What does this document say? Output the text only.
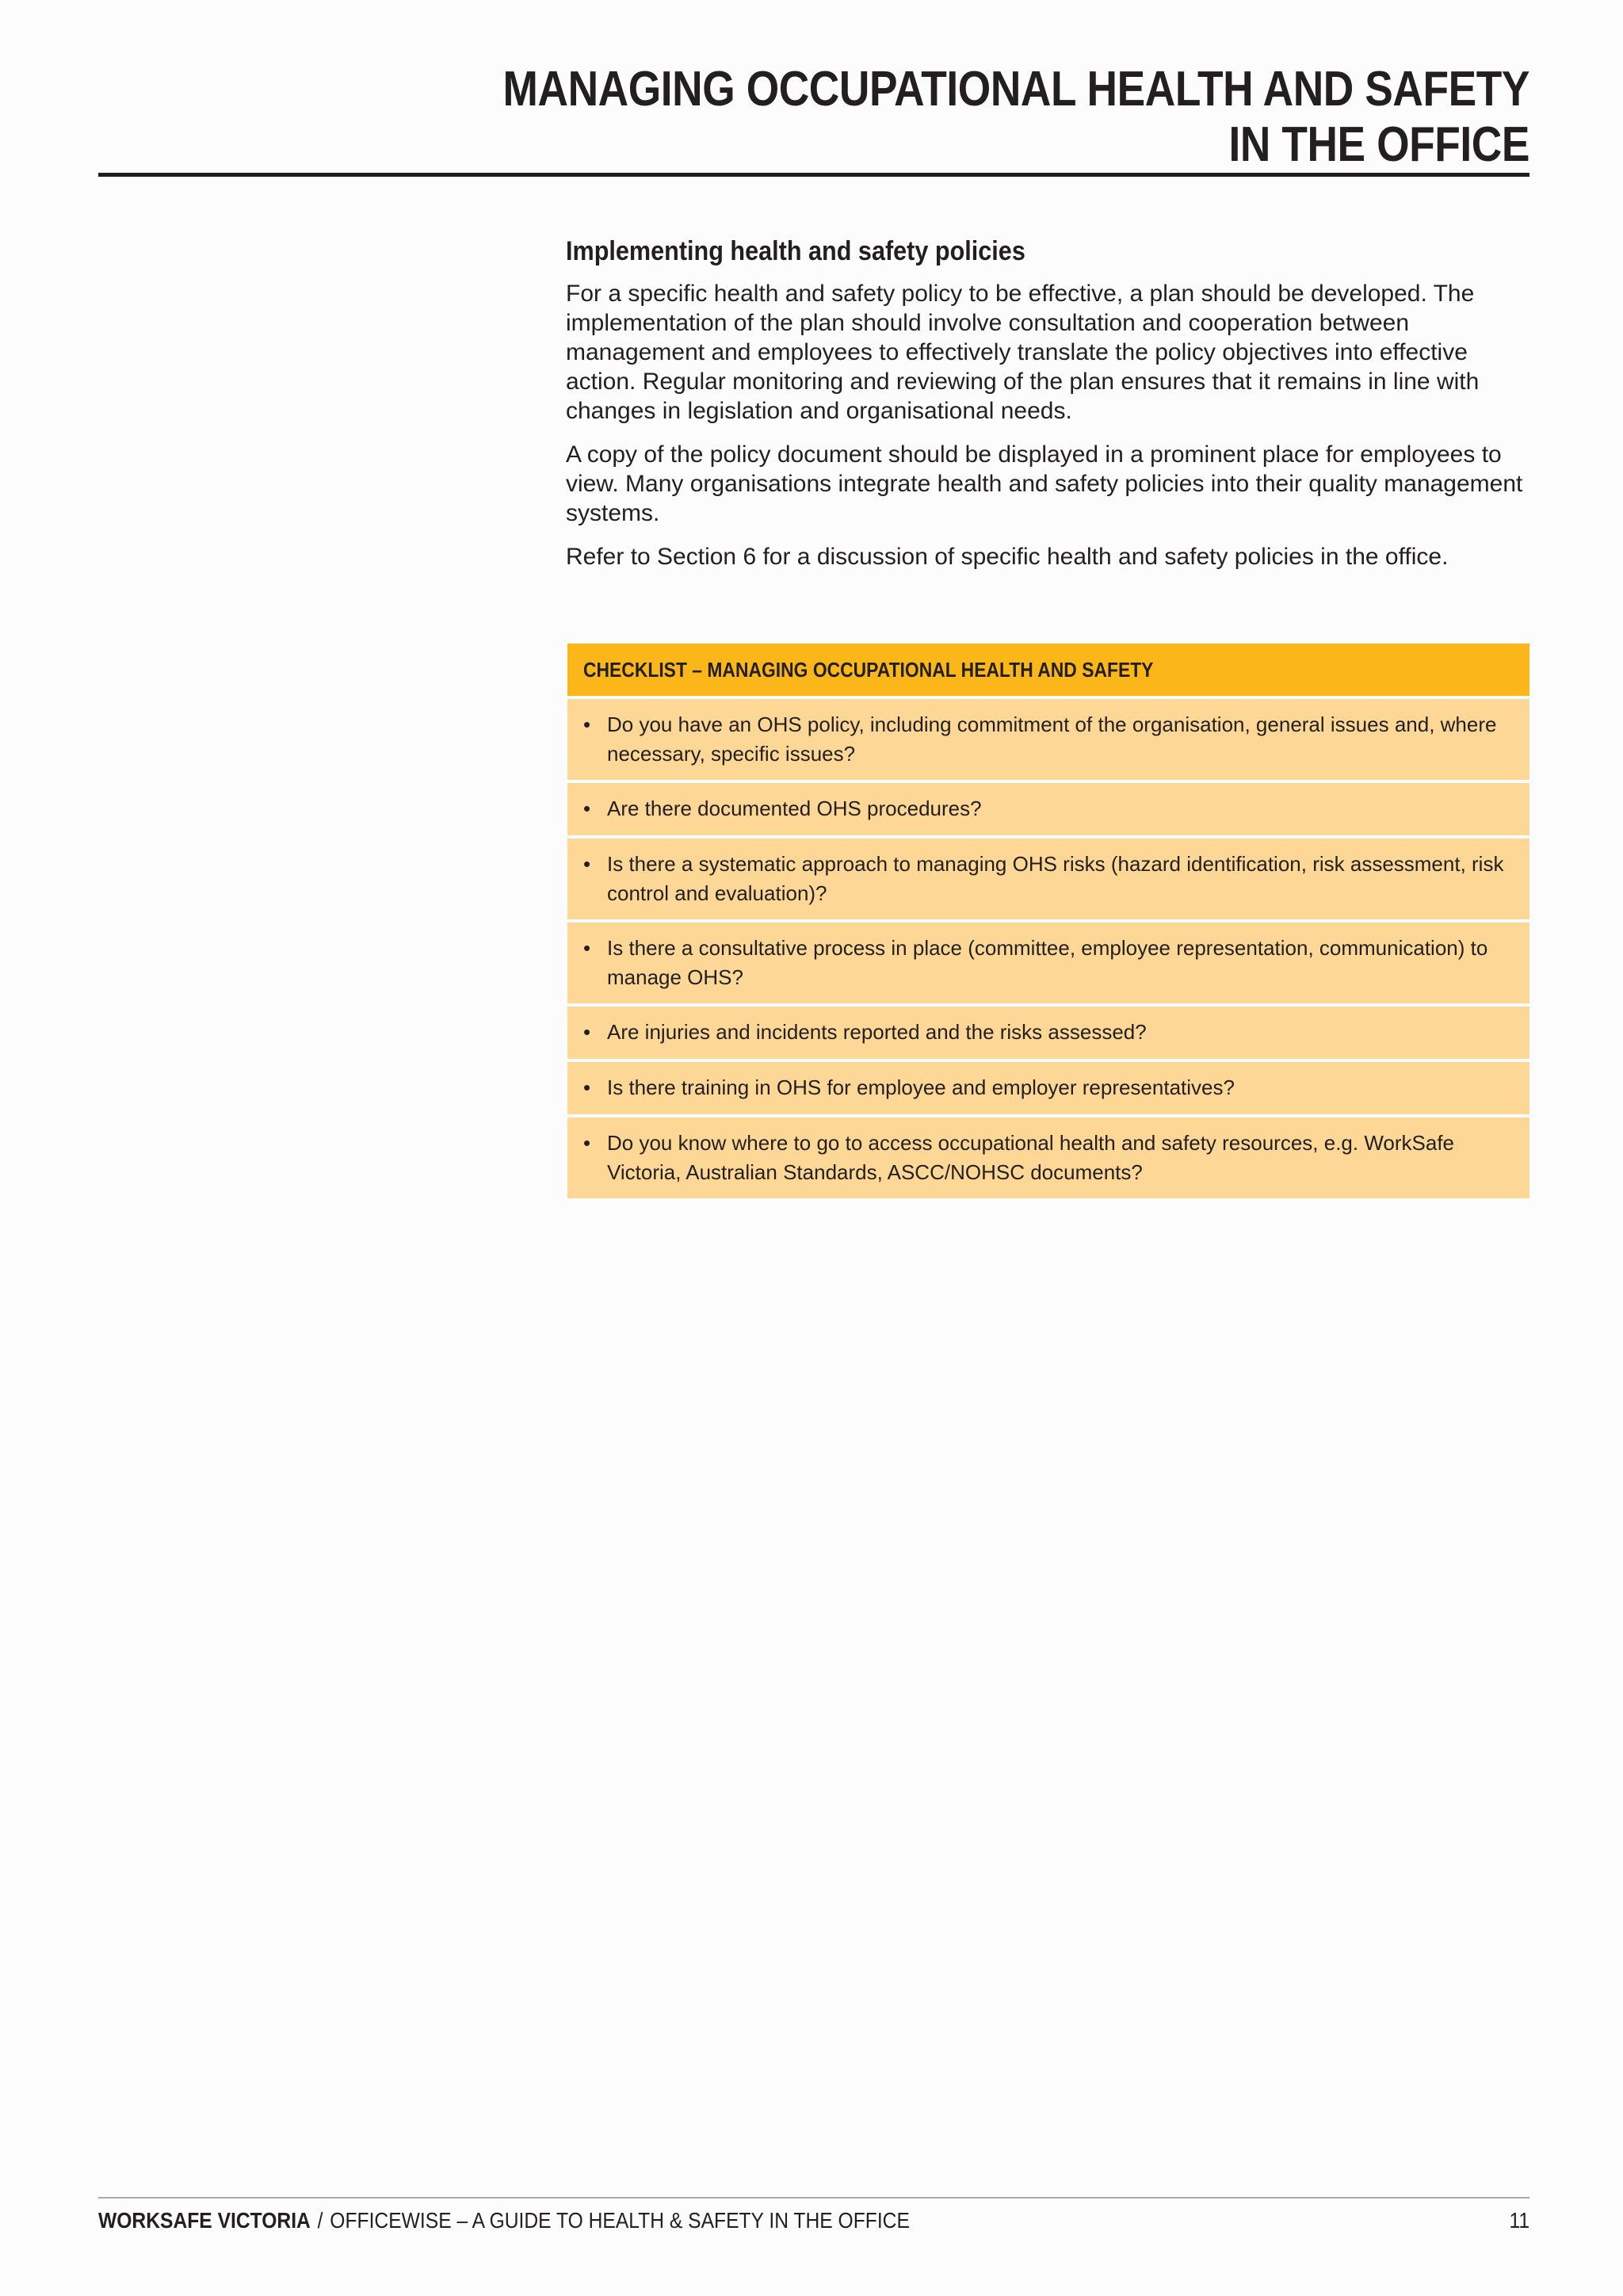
MANAGING OCCUPATIONAL HEALTH AND SAFETY
IN THE OFFICE
Implementing health and safety policies

For a specific health and safety policy to be effective, a plan should be developed. The implementation of the plan should involve consultation and cooperation between management and employees to effectively translate the policy objectives into effective action. Regular monitoring and reviewing of the plan ensures that it remains in line with changes in legislation and organisational needs.

A copy of the policy document should be displayed in a prominent place for employees to view. Many organisations integrate health and safety policies into their quality management systems.

Refer to Section 6 for a discussion of specific health and safety policies in the office.

CHECKLIST – MANAGING OCCUPATIONAL HEALTH AND SAFETY
• Do you have an OHS policy, including commitment of the organisation, general issues and, where necessary, specific issues?
• Are there documented OHS procedures?
• Is there a systematic approach to managing OHS risks (hazard identification, risk assessment, risk control and evaluation)?
• Is there a consultative process in place (committee, employee representation, communication) to manage OHS?
• Are injuries and incidents reported and the risks assessed?
• Is there training in OHS for employee and employer representatives?
• Do you know where to go to access occupational health and safety resources, e.g. WorkSafe Victoria, Australian Standards, ASCC/NOHSC documents?
WORKSAFE VICTORIA / OFFICEWISE – A GUIDE TO HEALTH & SAFETY IN THE OFFICE	11
